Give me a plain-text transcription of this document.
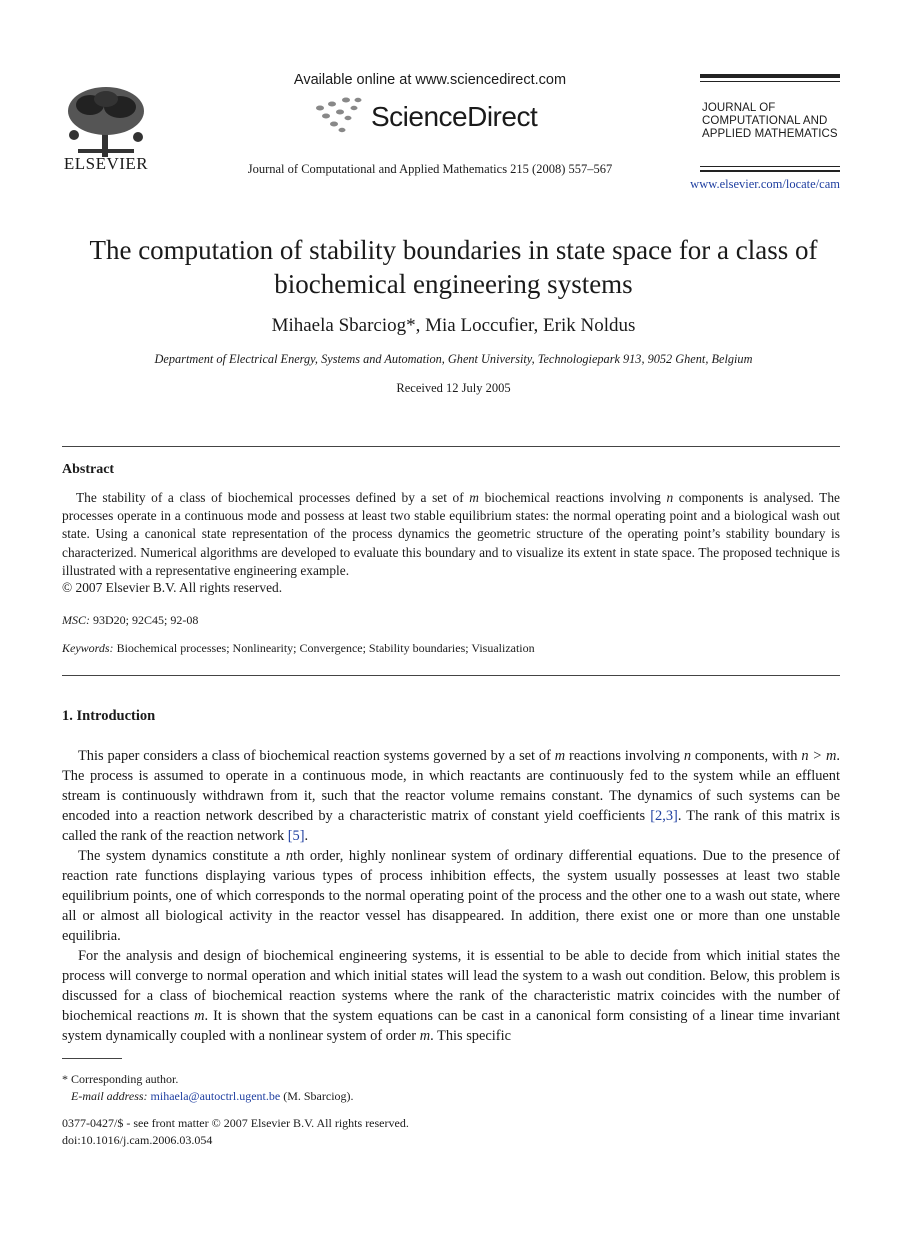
ELSEVIER
Available online at www.sciencedirect.com
ScienceDirect
Journal of Computational and Applied Mathematics 215 (2008) 557–567
JOURNAL OF
COMPUTATIONAL AND
APPLIED MATHEMATICS
www.elsevier.com/locate/cam
The computation of stability boundaries in state space for a class of biochemical engineering systems
Mihaela Sbarciog*, Mia Loccufier, Erik Noldus
Department of Electrical Energy, Systems and Automation, Ghent University, Technologiepark 913, 9052 Ghent, Belgium
Received 12 July 2005
Abstract

The stability of a class of biochemical processes defined by a set of m biochemical reactions involving n components is analysed. The processes operate in a continuous mode and possess at least two stable equilibrium states: the normal operating point and a biological wash out state. Using a canonical state representation of the process dynamics the geometric structure of the operating point’s stability boundary is characterized. Numerical algorithms are developed to evaluate this boundary and to visualize its extent in state space. The proposed technique is illustrated with a representative engineering example.

© 2007 Elsevier B.V. All rights reserved.
MSC: 93D20; 92C45; 92-08
Keywords: Biochemical processes; Nonlinearity; Convergence; Stability boundaries; Visualization
1. Introduction

This paper considers a class of biochemical reaction systems governed by a set of m reactions involving n components, with n > m. The process is assumed to operate in a continuous mode, in which reactants are continuously fed to the system while an effluent stream is continuously withdrawn from it, such that the reactor volume remains constant. The dynamics of such systems can be encoded into a reaction network described by a characteristic matrix of constant yield coefficients [2,3]. The rank of this matrix is called the rank of the reaction network [5].

The system dynamics constitute a nth order, highly nonlinear system of ordinary differential equations. Due to the presence of reaction rate functions displaying various types of process inhibition effects, the system usually possesses at least two stable equilibrium points, one of which corresponds to the normal operating point of the process and the other one to a wash out state, where all or almost all biological activity in the reactor vessel has disappeared. In addition, there exist one or more than one unstable equilibria.

For the analysis and design of biochemical engineering systems, it is essential to be able to decide from which initial states the process will converge to normal operation and which initial states will lead the system to a wash out condition. Below, this problem is discussed for a class of biochemical reaction systems where the rank of the characteristic matrix coincides with the number of biochemical reactions m. It is shown that the system equations can be cast in a canonical form consisting of a linear time invariant system dynamically coupled with a nonlinear system of order m. This specific

* Corresponding author.
E-mail address: mihaela@autoctrl.ugent.be (M. Sbarciog).
0377-0427/$ - see front matter © 2007 Elsevier B.V. All rights reserved.
doi:10.1016/j.cam.2006.03.054
